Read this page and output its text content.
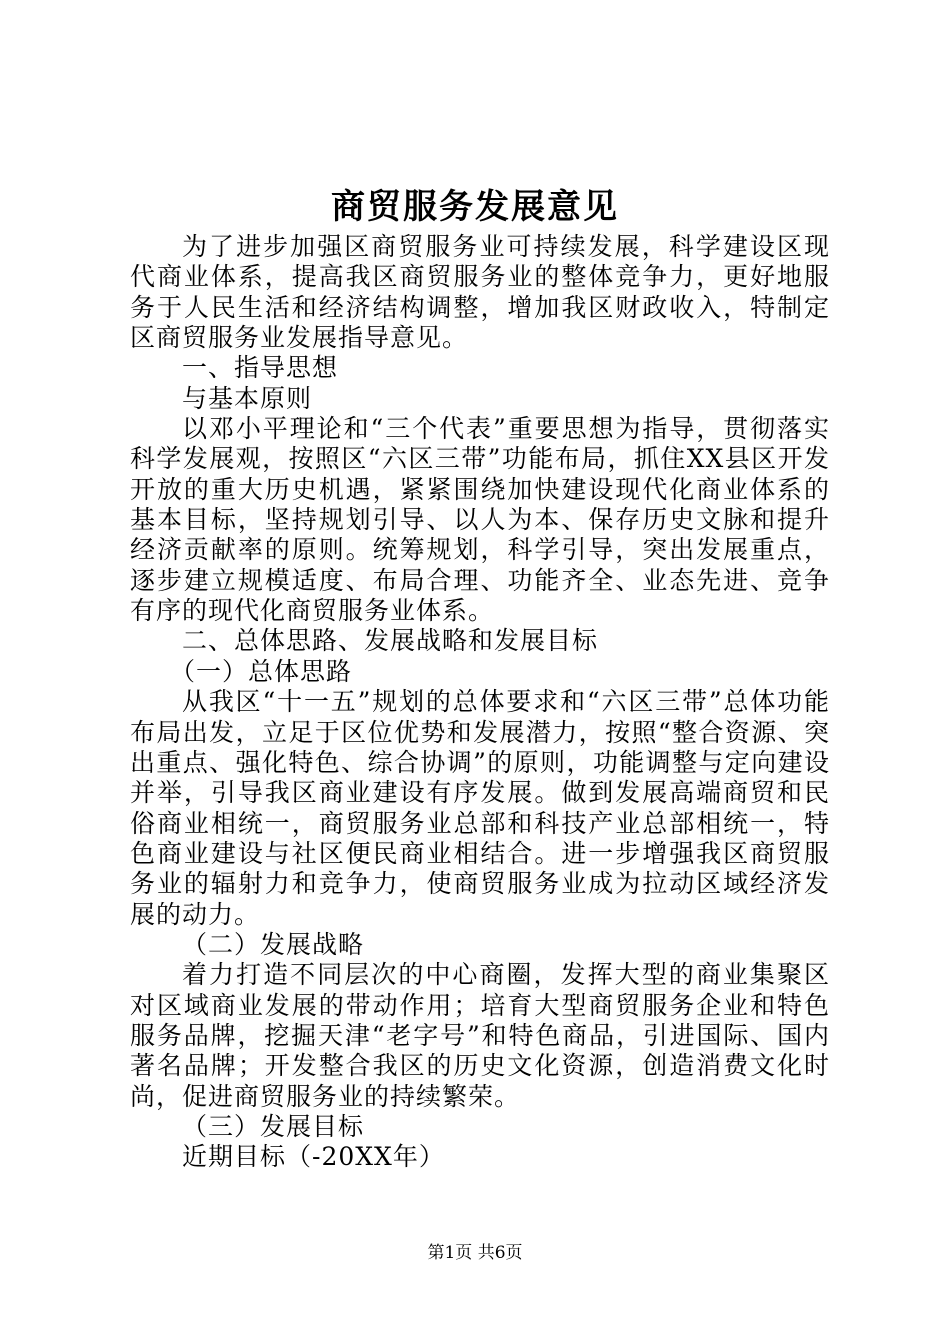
商贸服务发展意见

为了进步加强区商贸服务业可持续发展，科学建设区现代商业体系，提高我区商贸服务业的整体竞争力，更好地服务于人民生活和经济结构调整，增加我区财政收入，特制定区商贸服务业发展指导意见。

一、指导思想

与基本原则

以邓小平理论和“三个代表”重要思想为指导，贯彻落实科学发展观，按照区“六区三带”功能布局，抓住XX县区开发开放的重大历史机遇，紧紧围绕加快建设现代化商业体系的基本目标，坚持规划引导、以人为本、保存历史文脉和提升经济贡献率的原则。统筹规划，科学引导，突出发展重点，逐步建立规模适度、布局合理、功能齐全、业态先进、竞争有序的现代化商贸服务业体系。

二、总体思路、发展战略和发展目标

（一）总体思路

从我区“十一五”规划的总体要求和“六区三带”总体功能布局出发，立足于区位优势和发展潜力，按照“整合资源、突出重点、强化特色、综合协调”的原则，功能调整与定向建设并举，引导我区商业建设有序发展。做到发展高端商贸和民俗商业相统一，商贸服务业总部和科技产业总部相统一，特色商业建设与社区便民商业相结合。进一步增强我区商贸服务业的辐射力和竞争力，使商贸服务业成为拉动区域经济发展的动力。

（二）发展战略

着力打造不同层次的中心商圈，发挥大型的商业集聚区对区域商业发展的带动作用；培育大型商贸服务企业和特色服务品牌，挖掘天津“老字号”和特色商品，引进国际、国内著名品牌；开发整合我区的历史文化资源，创造消费文化时尚，促进商贸服务业的持续繁荣。

（三）发展目标

近期目标（-20XX年）

第1页 共6页
